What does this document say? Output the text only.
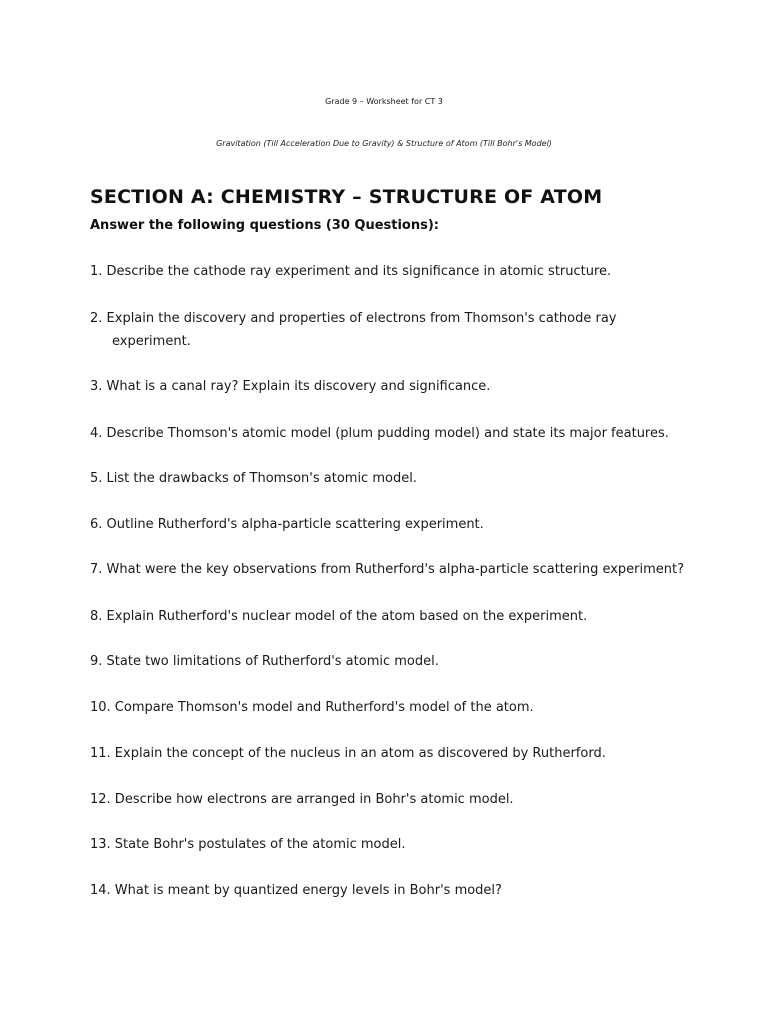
Grade 9 – Worksheet for CT 3

Gravitation (Till Acceleration Due to Gravity) & Structure of Atom (Till Bohr's Model)

SECTION A: CHEMISTRY – STRUCTURE OF ATOM

Answer the following questions (30 Questions):

1. Describe the cathode ray experiment and its significance in atomic structure.
2. Explain the discovery and properties of electrons from Thomson's cathode ray
experiment.
3. What is a canal ray? Explain its discovery and significance.
4. Describe Thomson's atomic model (plum pudding model) and state its major features.
5. List the drawbacks of Thomson's atomic model.
6. Outline Rutherford's alpha-particle scattering experiment.
7. What were the key observations from Rutherford's alpha-particle scattering experiment?
8. Explain Rutherford's nuclear model of the atom based on the experiment.
9. State two limitations of Rutherford's atomic model.
10. Compare Thomson's model and Rutherford's model of the atom.
11. Explain the concept of the nucleus in an atom as discovered by Rutherford.
12. Describe how electrons are arranged in Bohr's atomic model.
13. State Bohr's postulates of the atomic model.
14. What is meant by quantized energy levels in Bohr's model?
